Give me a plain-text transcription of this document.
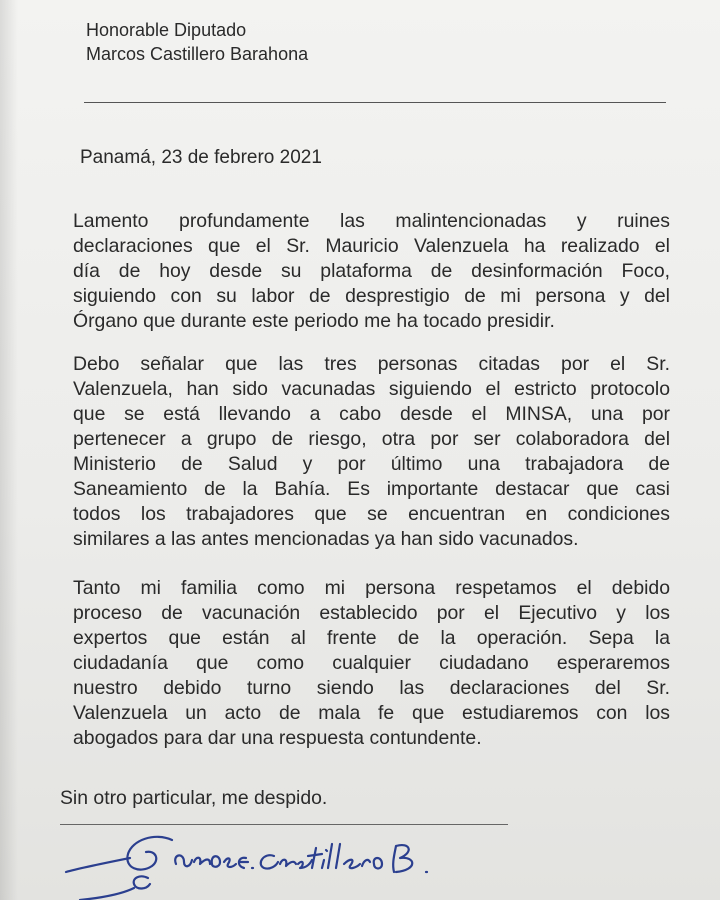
Honorable Diputado
Marcos Castillero Barahona
Panamá, 23 de febrero 2021
Lamento profundamente las malintencionadas y ruines
declaraciones que el Sr. Mauricio Valenzuela ha realizado el
día de hoy desde su plataforma de desinformación Foco,
siguiendo con su labor de desprestigio de mi persona y del
Órgano que durante este periodo me ha tocado presidir.
Debo señalar que las tres personas citadas por el Sr.
Valenzuela, han sido vacunadas siguiendo el estricto protocolo
que se está llevando a cabo desde el MINSA, una por
pertenecer a grupo de riesgo, otra por ser colaboradora del
Ministerio de Salud y por último una trabajadora de
Saneamiento de la Bahía. Es importante destacar que casi
todos los trabajadores que se encuentran en condiciones
similares a las antes mencionadas ya han sido vacunados.
Tanto mi familia como mi persona respetamos el debido
proceso de vacunación establecido por el Ejecutivo y los
expertos que están al frente de la operación. Sepa la
ciudadanía que como cualquier ciudadano esperaremos
nuestro debido turno siendo las declaraciones del Sr.
Valenzuela un acto de mala fe que estudiaremos con los
abogados para dar una respuesta contundente.
Sin otro particular, me despido.
